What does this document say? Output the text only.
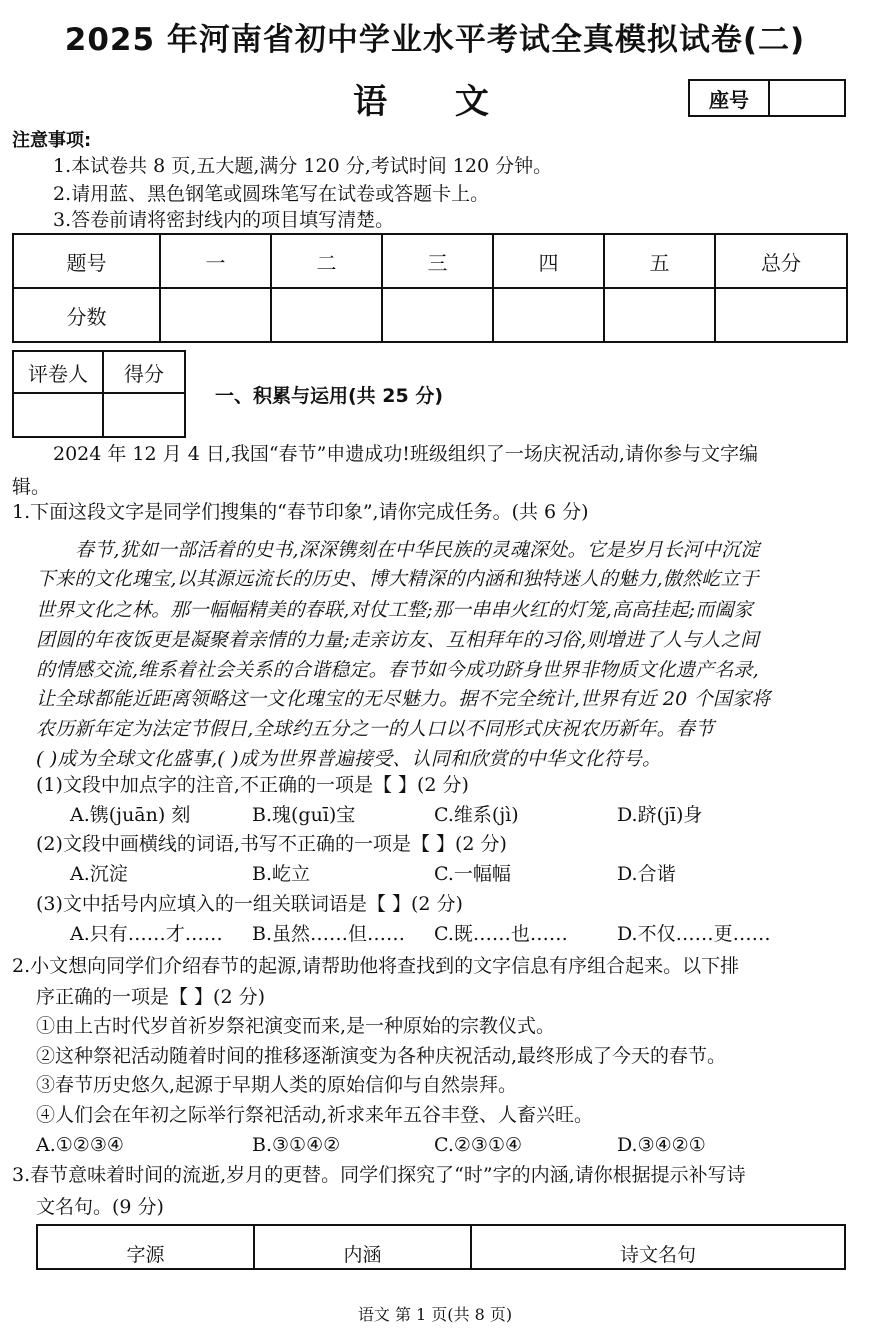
2025 年河南省初中学业水平考试全真模拟试卷(二)
语 文	座号
注意事项:
1.本试卷共 8 页,五大题,满分 120 分,考试时间 120 分钟。
2.请用蓝、黑色钢笔或圆珠笔写在试卷或答题卡上。
3.答卷前请将密封线内的项目填写清楚。
题号	一	二	三	四	五	总分
分数						
评卷人	得分

一、积累与运用(共 25 分)
2024 年 12 月 4 日,我国“春节”申遗成功!班级组织了一场庆祝活动,请你参与文字编
辑。
1.下面这段文字是同学们搜集的“春节印象”,请你完成任务。(共 6 分)
春节,犹如一部活着的史书,深深镌刻在中华民族的灵魂深处。它是岁月长河中沉淀
下来的文化瑰宝,以其源远流长的历史、博大精深的内涵和独特迷人的魅力,傲然屹立于
世界文化之林。那一幅幅精美的春联,对仗工整;那一串串火红的灯笼,高高挂起;而阖家
团圆的年夜饭更是凝聚着亲情的力量;走亲访友、互相拜年的习俗,则增进了人与人之间
的情感交流,维系着社会关系的合谐稳定。春节如今成功跻身世界非物质文化遗产名录,
让全球都能近距离领略这一文化瑰宝的无尽魅力。据不完全统计,世界有近 20 个国家将
农历新年定为法定节假日,全球约五分之一的人口以不同形式庆祝农历新年。春节
( )成为全球文化盛事,( )成为世界普遍接受、认同和欣赏的中华文化符号。
(1)文段中加点字的注音,不正确的一项是【 】(2 分)
A.镌(juān) 刻	B.瑰(guī)宝	C.维系(jì)	D.跻(jī)身
(2)文段中画横线的词语,书写不正确的一项是【 】(2 分)
A.沉淀	B.屹立	C.一幅幅	D.合谐
(3)文中括号内应填入的一组关联词语是【 】(2 分)
A.只有……才…… B.虽然……但…… C.既……也……	D.不仅……更……
2.小文想向同学们介绍春节的起源,请帮助他将查找到的文字信息有序组合起来。以下排
序正确的一项是【 】(2 分)
①由上古时代岁首祈岁祭祀演变而来,是一种原始的宗教仪式。
②这种祭祀活动随着时间的推移逐渐演变为各种庆祝活动,最终形成了今天的春节。
③春节历史悠久,起源于早期人类的原始信仰与自然崇拜。
④人们会在年初之际举行祭祀活动,祈求来年五谷丰登、人畜兴旺。
A.①②③④	B.③①④②	C.②③①④	D.③④②①
3.春节意味着时间的流逝,岁月的更替。同学们探究了“时”字的内涵,请你根据提示补写诗
文名句。(9 分)
字源	内涵	诗文名句
语文 第 1 页(共 8 页)
